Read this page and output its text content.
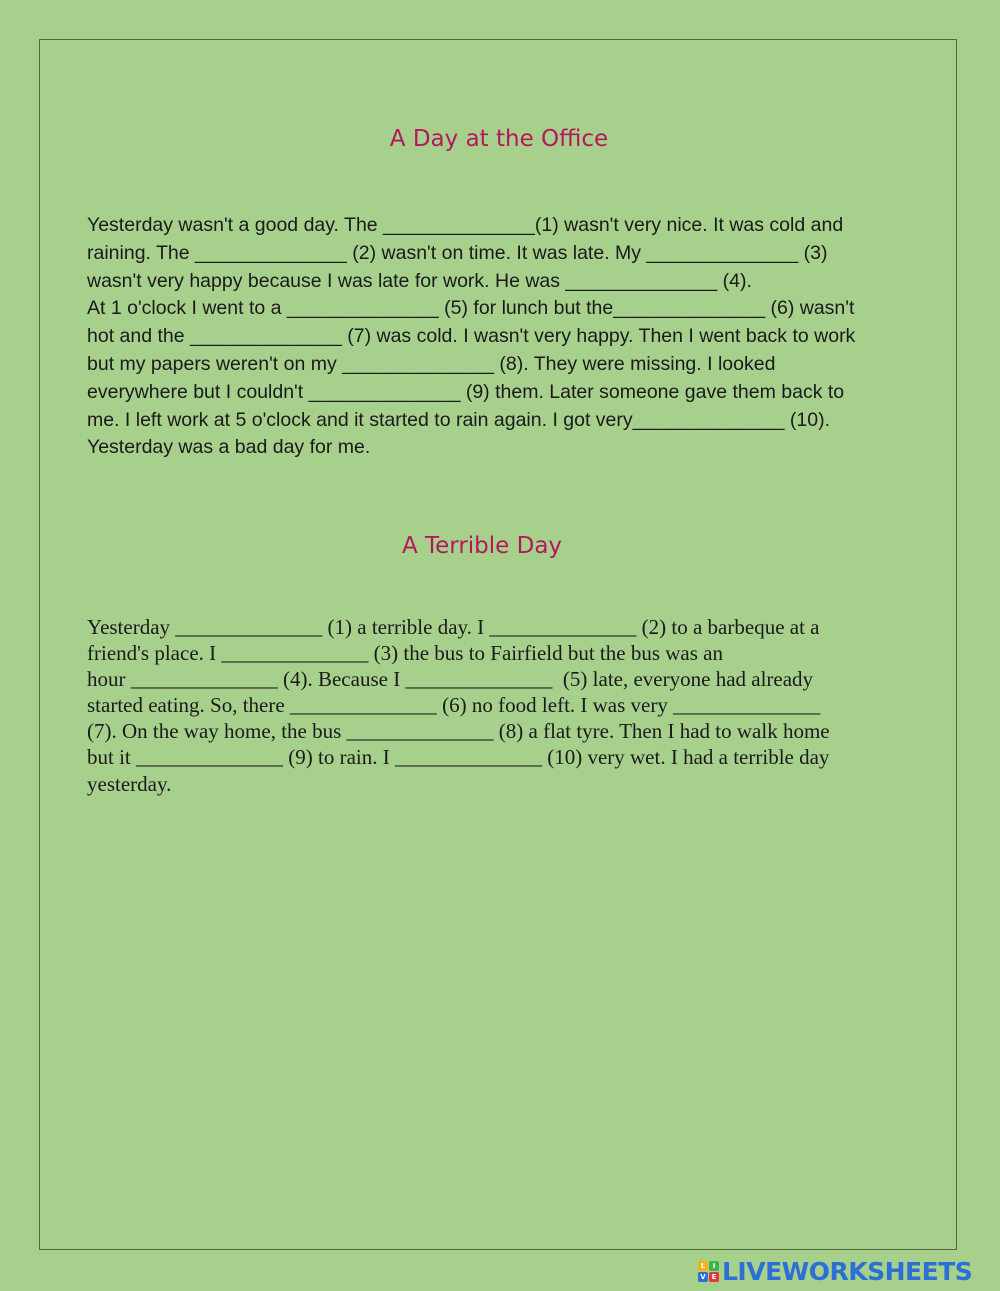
A Day at the Office

Yesterday wasn't a good day. The ______________(1) wasn't very nice. It was cold and
raining. The ______________ (2) wasn't on time. It was late. My ______________ (3)
wasn't very happy because I was late for work. He was ______________ (4).
At 1 o'clock I went to a ______________ (5) for lunch but the______________ (6) wasn't
hot and the ______________ (7) was cold. I wasn't very happy. Then I went back to work
but my papers weren't on my ______________ (8). They were missing. I looked
everywhere but I couldn't ______________ (9) them. Later someone gave them back to
me. I left work at 5 o'clock and it started to rain again. I got very______________ (10).
Yesterday was a bad day for me.

A Terrible Day

Yesterday ______________ (1) a terrible day. I ______________ (2) to a barbeque at a
friend's place. I ______________ (3) the bus to Fairfield but the bus was an
hour ______________ (4). Because I ______________  (5) late, everyone had already
started eating. So, there ______________ (6) no food left. I was very ______________
(7). On the way home, the bus ______________ (8) a flat tyre. Then I had to walk home
but it ______________ (9) to rain. I ______________ (10) very wet. I had a terrible day
yesterday.

L	I
V E LIVEWORKSHEETS
